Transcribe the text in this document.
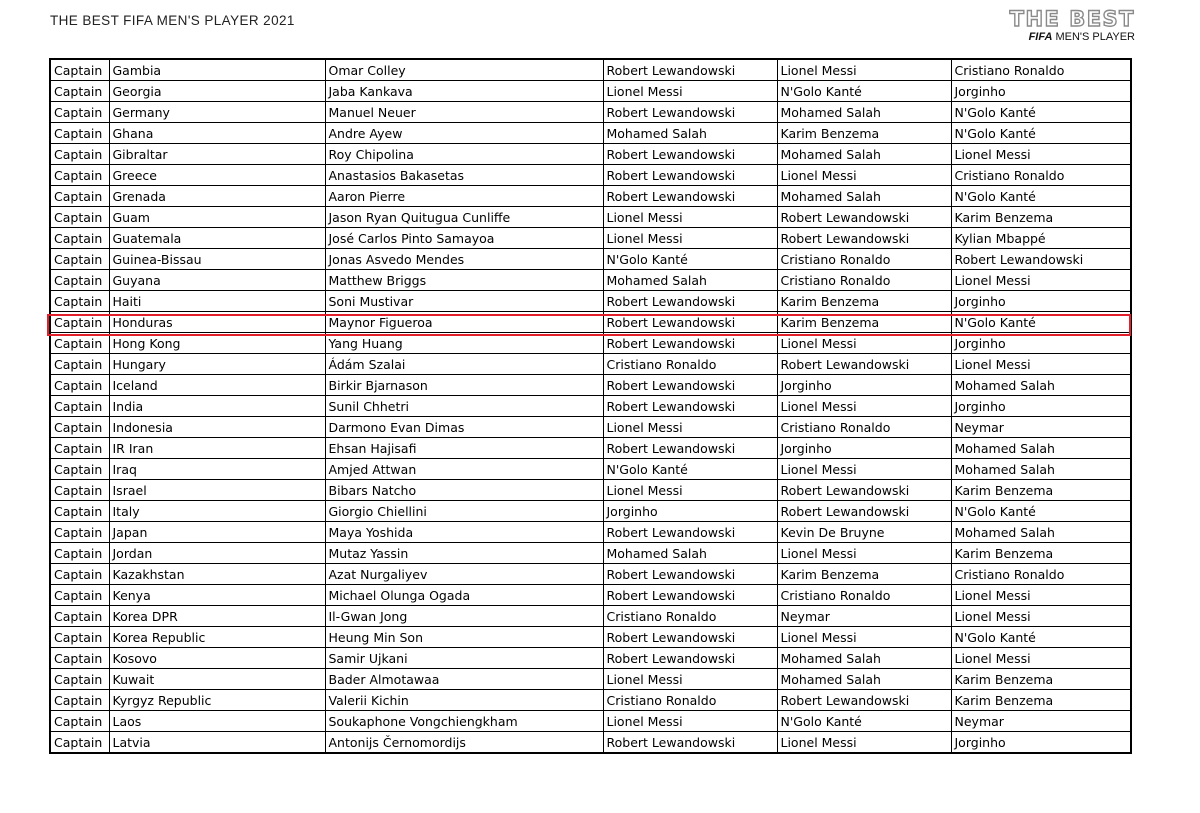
THE BEST FIFA MEN'S PLAYER 2021	THE BEST
FIFA MEN'S PLAYER
Captain	Gambia	Omar Colley	Robert Lewandowski	Lionel Messi	Cristiano Ronaldo
Captain	Georgia	Jaba Kankava	Lionel Messi	N'Golo Kanté	Jorginho
Captain	Germany	Manuel Neuer	Robert Lewandowski	Mohamed Salah	N'Golo Kanté
Captain	Ghana	Andre Ayew	Mohamed Salah	Karim Benzema	N'Golo Kanté
Captain	Gibraltar	Roy Chipolina	Robert Lewandowski	Mohamed Salah	Lionel Messi
Captain	Greece	Anastasios Bakasetas	Robert Lewandowski	Lionel Messi	Cristiano Ronaldo
Captain	Grenada	Aaron Pierre	Robert Lewandowski	Mohamed Salah	N'Golo Kanté
Captain	Guam	Jason Ryan Quitugua Cunliffe	Lionel Messi	Robert Lewandowski	Karim Benzema
Captain	Guatemala	José Carlos Pinto Samayoa	Lionel Messi	Robert Lewandowski	Kylian Mbappé
Captain	Guinea-Bissau	Jonas Asvedo Mendes	N'Golo Kanté	Cristiano Ronaldo	Robert Lewandowski
Captain	Guyana	Matthew Briggs	Mohamed Salah	Cristiano Ronaldo	Lionel Messi
Captain	Haiti	Soni Mustivar	Robert Lewandowski	Karim Benzema	Jorginho
Captain	Honduras	Maynor Figueroa	Robert Lewandowski	Karim Benzema	N'Golo Kanté
Captain	Hong Kong	Yang Huang	Robert Lewandowski	Lionel Messi	Jorginho
Captain	Hungary	Ádám Szalai	Cristiano Ronaldo	Robert Lewandowski	Lionel Messi
Captain	Iceland	Birkir Bjarnason	Robert Lewandowski	Jorginho	Mohamed Salah
Captain	India	Sunil Chhetri	Robert Lewandowski	Lionel Messi	Jorginho
Captain	Indonesia	Darmono Evan Dimas	Lionel Messi	Cristiano Ronaldo	Neymar
Captain	IR Iran	Ehsan Hajisafi	Robert Lewandowski	Jorginho	Mohamed Salah
Captain	Iraq	Amjed Attwan	N'Golo Kanté	Lionel Messi	Mohamed Salah
Captain	Israel	Bibars Natcho	Lionel Messi	Robert Lewandowski	Karim Benzema
Captain	Italy	Giorgio Chiellini	Jorginho	Robert Lewandowski	N'Golo Kanté
Captain	Japan	Maya Yoshida	Robert Lewandowski	Kevin De Bruyne	Mohamed Salah
Captain	Jordan	Mutaz Yassin	Mohamed Salah	Lionel Messi	Karim Benzema
Captain	Kazakhstan	Azat Nurgaliyev	Robert Lewandowski	Karim Benzema	Cristiano Ronaldo
Captain	Kenya	Michael Olunga Ogada	Robert Lewandowski	Cristiano Ronaldo	Lionel Messi
Captain	Korea DPR	Il-Gwan Jong	Cristiano Ronaldo	Neymar	Lionel Messi
Captain	Korea Republic	Heung Min Son	Robert Lewandowski	Lionel Messi	N'Golo Kanté
Captain	Kosovo	Samir Ujkani	Robert Lewandowski	Mohamed Salah	Lionel Messi
Captain	Kuwait	Bader Almotawaa	Lionel Messi	Mohamed Salah	Karim Benzema
Captain	Kyrgyz Republic	Valerii Kichin	Cristiano Ronaldo	Robert Lewandowski	Karim Benzema
Captain	Laos	Soukaphone Vongchiengkham	Lionel Messi	N'Golo Kanté	Neymar
Captain	Latvia	Antonijs Černomordijs	Robert Lewandowski	Lionel Messi	Jorginho
